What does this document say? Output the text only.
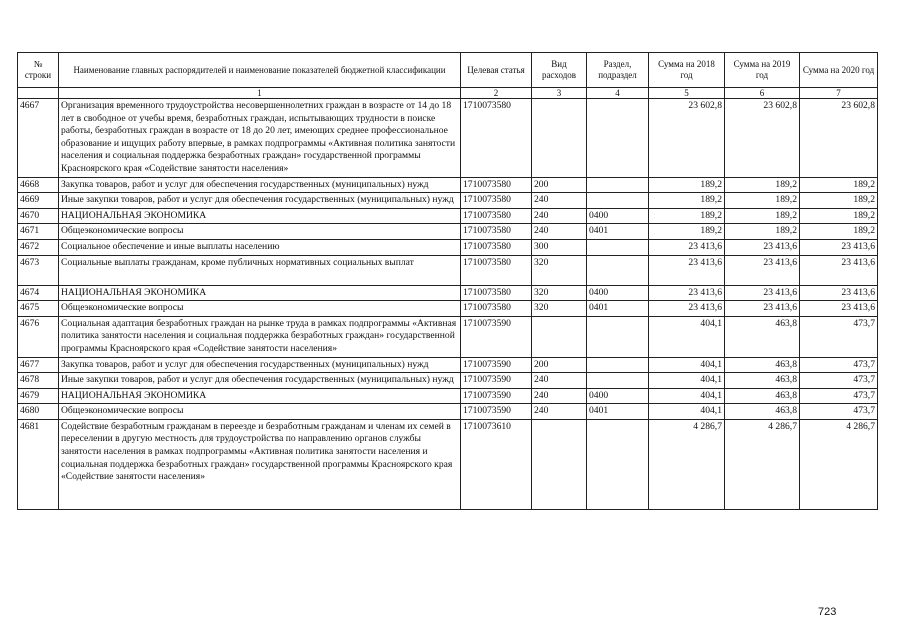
№
строки	Наименование главных распорядителей и наименование показателей бюджетной классификации	Целевая статья	Вид расходов	Раздел, подраздел	Сумма на 2018 год	Сумма на 2019 год	Сумма на 2020 год
	1	2	3	4	5	6	7
4667	Организация временного трудоустройства несовершеннолетних граждан в возрасте от 14 до 18 лет в свободное от учебы время, безработных граждан, испытывающих трудности в поиске работы, безработных граждан в возрасте от 18 до 20 лет, имеющих среднее профессиональное образование и ищущих работу впервые, в рамках подпрограммы «Активная политика занятости населения и социальная поддержка безработных граждан» государственной программы Красноярского края «Содействие занятости населения»	1710073580			23 602,8	23 602,8	23 602,8
4668	Закупка товаров, работ и услуг для обеспечения государственных (муниципальных) нужд	1710073580	200		189,2	189,2	189,2
4669	Иные закупки товаров, работ и услуг для обеспечения государственных (муниципальных) нужд	1710073580	240		189,2	189,2	189,2
4670	НАЦИОНАЛЬНАЯ ЭКОНОМИКА	1710073580	240	0400	189,2	189,2	189,2
4671	Общеэкономические вопросы	1710073580	240	0401	189,2	189,2	189,2
4672	Социальное обеспечение и иные выплаты населению	1710073580	300		23 413,6	23 413,6	23 413,6
4673	Социальные выплаты гражданам, кроме публичных нормативных социальных выплат	1710073580	320		23 413,6	23 413,6	23 413,6
4674	НАЦИОНАЛЬНАЯ ЭКОНОМИКА	1710073580	320	0400	23 413,6	23 413,6	23 413,6
4675	Общеэкономические вопросы	1710073580	320	0401	23 413,6	23 413,6	23 413,6
4676	Социальная адаптация безработных граждан на рынке труда в рамках подпрограммы «Активная политика занятости населения и социальная поддержка безработных граждан» государственной программы Красноярского края «Содействие занятости населения»	1710073590			404,1	463,8	473,7
4677	Закупка товаров, работ и услуг для обеспечения государственных (муниципальных) нужд	1710073590	200		404,1	463,8	473,7
4678	Иные закупки товаров, работ и услуг для обеспечения государственных (муниципальных) нужд	1710073590	240		404,1	463,8	473,7
4679	НАЦИОНАЛЬНАЯ ЭКОНОМИКА	1710073590	240	0400	404,1	463,8	473,7
4680	Общеэкономические вопросы	1710073590	240	0401	404,1	463,8	473,7
4681	Содействие безработным гражданам в переезде и безработным гражданам и членам их семей в переселении в другую местность для трудоустройства по направлению органов службы занятости населения в рамках подпрограммы «Активная политика занятости населения и социальная поддержка безработных граждан» государственной программы Красноярского края «Содействие занятости населения»	1710073610			4 286,7	4 286,7	4 286,7
723
